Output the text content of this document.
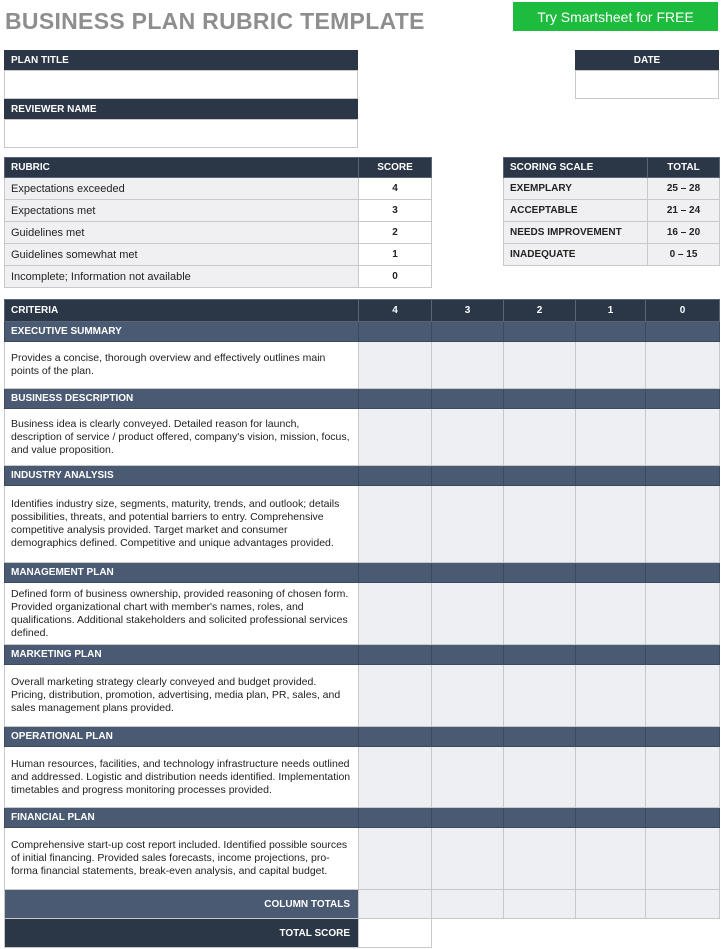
BUSINESS PLAN RUBRIC TEMPLATE	Try Smartsheet for FREE
PLAN TITLE
REVIEWER NAME
DATE
RUBRIC	SCORE
Expectations exceeded	4
Expectations met	3
Guidelines met	2
Guidelines somewhat met	1
Incomplete; Information not available	0
SCORING SCALE	TOTAL
EXEMPLARY	25 – 28
ACCEPTABLE	21 – 24
NEEDS IMPROVEMENT	16 – 20
INADEQUATE	0 – 15
CRITERIA	4	3	2	1	0
EXECUTIVE SUMMARY					
Provides a concise, thorough overview and effectively outlines main points of the plan.					
BUSINESS DESCRIPTION					
Business idea is clearly conveyed. Detailed reason for launch, description of service / product offered, company's vision, mission, focus, and value proposition.					
INDUSTRY ANALYSIS					
Identifies industry size, segments, maturity, trends, and outlook; details possibilities, threats, and potential barriers to entry. Comprehensive competitive analysis provided. Target market and consumer demographics defined. Competitive and unique advantages provided.					
MANAGEMENT PLAN					
Defined form of business ownership, provided reasoning of chosen form. Provided organizational chart with member's names, roles, and qualifications. Additional stakeholders and solicited professional services defined.					
MARKETING PLAN					
Overall marketing strategy clearly conveyed and budget provided. Pricing, distribution, promotion, advertising, media plan, PR, sales, and sales management plans provided.					
OPERATIONAL PLAN					
Human resources, facilities, and technology infrastructure needs outlined and addressed. Logistic and distribution needs identified. Implementation timetables and progress monitoring processes provided.					
FINANCIAL PLAN					
Comprehensive start-up cost report included. Identified possible sources of initial financing. Provided sales forecasts, income projections, pro-forma financial statements, break-even analysis, and capital budget.					
COLUMN TOTALS					
TOTAL SCORE					
